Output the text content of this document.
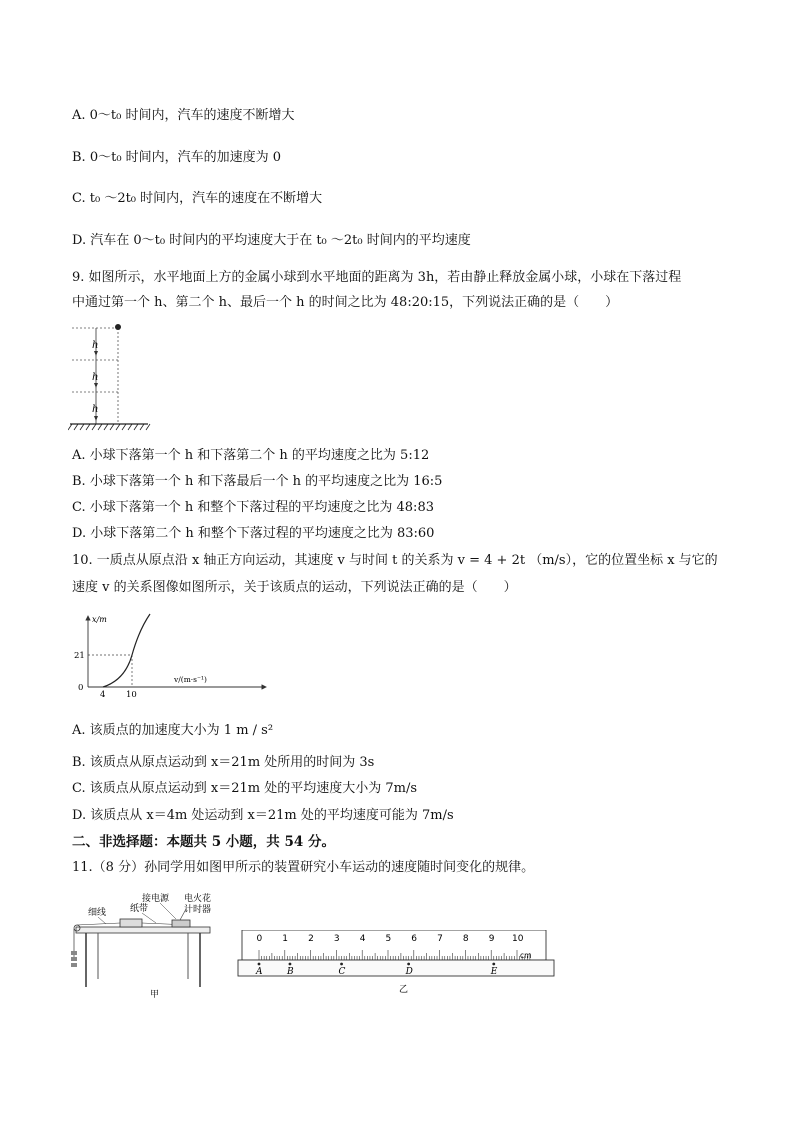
A. 0～t₀ 时间内，汽车的速度不断增大
B. 0～t₀ 时间内，汽车的加速度为 0
C. t₀ ～2t₀ 时间内，汽车的速度在不断增大
D. 汽车在 0～t₀ 时间内的平均速度大于在 t₀ ～2t₀ 时间内的平均速度
9. 如图所示，水平地面上方的金属小球到水平地面的距离为 3h，若由静止释放金属小球，小球在下落过程
中通过第一个 h、第二个 h、最后一个 h 的时间之比为 48:20:15，下列说法正确的是（　　）
h
h
h
A. 小球下落第一个 h 和下落第二个 h 的平均速度之比为 5:12
B. 小球下落第一个 h 和下落最后一个 h 的平均速度之比为 16:5
C. 小球下落第一个 h 和整个下落过程的平均速度之比为 48:83
D. 小球下落第二个 h 和整个下落过程的平均速度之比为 83:60
10. 一质点从原点沿 x 轴正方向运动，其速度 v 与时间 t 的关系为 v = 4 + 2t （m/s），它的位置坐标 x 与它的
速度 v 的关系图像如图所示，关于该质点的运动，下列说法正确的是（　　）
x/m
v/(m·s⁻¹)
21
0
4 10
A. 该质点的加速度大小为 1 m / s²
B. 该质点从原点运动到 x＝21m 处所用的时间为 3s
C. 该质点从原点运动到 x＝21m 处的平均速度大小为 7m/s
D. 该质点从 x＝4m 处运动到 x＝21m 处的平均速度可能为 7m/s
二、非选择题：本题共 5 小题，共 54 分。
11.（8 分）孙同学用如图甲所示的装置研究小车运动的速度随时间变化的规律。
细线	纸带
接电源 电火花
计时器
甲
0 1 2 3 4 5 6 7 8 9 10
cm
A	B	C	D	E
乙
